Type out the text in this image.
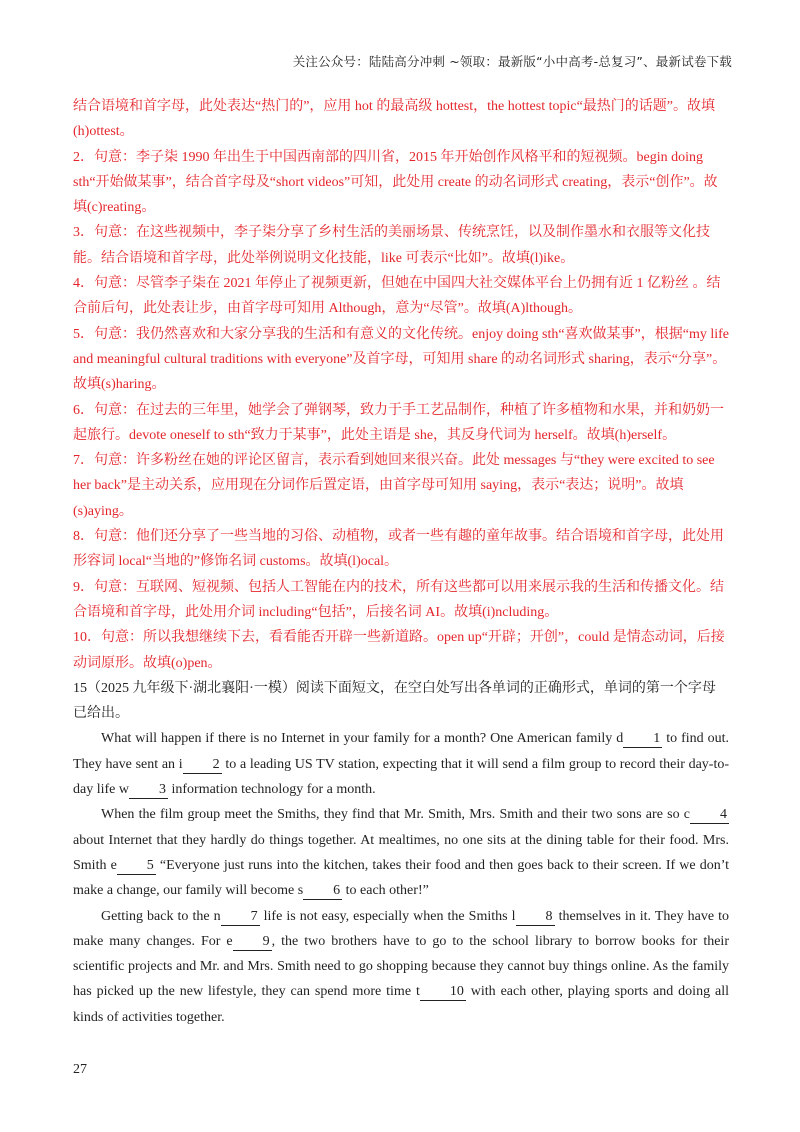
关注公众号：陆陆高分冲刺 ~领取：最新版“小中高考-总复习”、最新试卷下载

结合语境和首字母，此处表达“热门的”，应用 hot 的最高级 hottest，the hottest topic“最热门的话题”。故填(h)ottest。

2．句意：李子柒 1990 年出生于中国西南部的四川省，2015 年开始创作风格平和的短视频。begin doing sth“开始做某事”，结合首字母及“short videos”可知，此处用 create 的动名词形式 creating，表示“创作”。故填(c)reating。

3．句意：在这些视频中，李子柒分享了乡村生活的美丽场景、传统烹饪，以及制作墨水和衣服等文化技能。结合语境和首字母，此处举例说明文化技能，like 可表示“比如”。故填(l)ike。

4．句意：尽管李子柒在 2021 年停止了视频更新，但她在中国四大社交媒体平台上仍拥有近 1 亿粉丝 。结合前后句，此处表让步，由首字母可知用 Although，意为“尽管”。故填(A)lthough。

5．句意：我仍然喜欢和大家分享我的生活和有意义的文化传统。enjoy doing sth“喜欢做某事”，根据“my life and meaningful cultural traditions with everyone”及首字母，可知用 share 的动名词形式 sharing，表示“分享”。故填(s)haring。

6．句意：在过去的三年里，她学会了弹钢琴，致力于手工艺品制作，种植了许多植物和水果，并和奶奶一起旅行。devote oneself to sth“致力于某事”，此处主语是 she，其反身代词为 herself。故填(h)erself。

7．句意：许多粉丝在她的评论区留言，表示看到她回来很兴奋。此处 messages 与“they were excited to see her back”是主动关系，应用现在分词作后置定语，由首字母可知用 saying，表示“表达；说明”。故填(s)aying。

8．句意：他们还分享了一些当地的习俗、动植物，或者一些有趣的童年故事。结合语境和首字母，此处用形容词 local“当地的”修饰名词 customs。故填(l)ocal。

9．句意：互联网、短视频、包括人工智能在内的技术，所有这些都可以用来展示我的生活和传播文化。结合语境和首字母，此处用介词 including“包括”，后接名词 AI。故填(i)ncluding。

10．句意：所以我想继续下去，看看能否开辟一些新道路。open up“开辟；开创”，could 是情态动词，后接动词原形。故填(o)pen。

15（2025 九年级下·湖北襄阳·一模）阅读下面短文，在空白处写出各单词的正确形式，单词的第一个字母已给出。

What will happen if there is no Internet in your family for a month? One American family d 1 to find out. They have sent an i 2 to a leading US TV station, expecting that it will send a film group to record their day-to-day life w 3 information technology for a month.

When the film group meet the Smiths, they find that Mr. Smith, Mrs. Smith and their two sons are so c 4 about Internet that they hardly do things together. At mealtimes, no one sits at the dining table for their food. Mrs. Smith e 5 “Everyone just runs into the kitchen, takes their food and then goes back to their screen. If we don’t make a change, our family will become s 6 to each other!”

Getting back to the n 7 life is not easy, especially when the Smiths l 8 themselves in it. They have to make many changes. For e 9 , the two brothers have to go to the school library to borrow books for their scientific projects and Mr. and Mrs. Smith need to go shopping because they cannot buy things online. As the family has picked up the new lifestyle, they can spend more time t 10 with each other, playing sports and doing all kinds of activities together.

27
